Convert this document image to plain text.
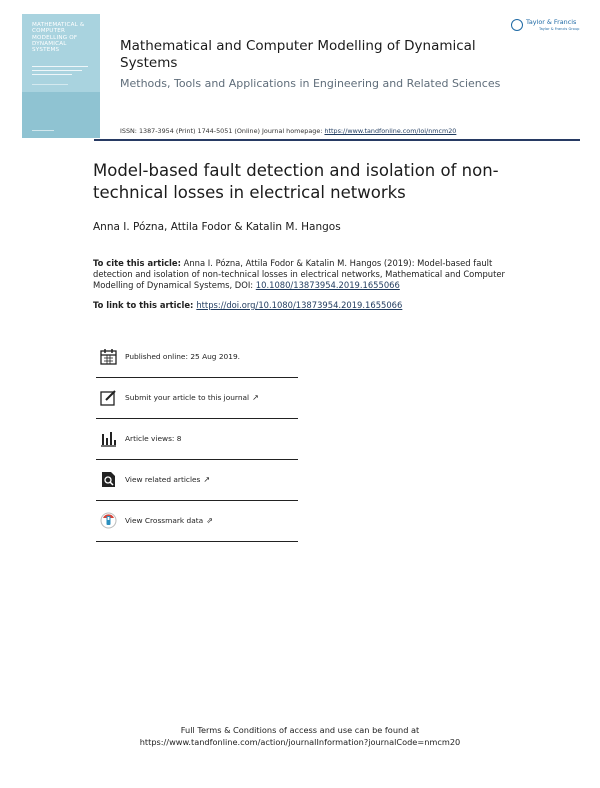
MATHEMATICAL &
COMPUTER
MODELLING OF
DYNAMICAL
SYSTEMS	Mathematical and Computer Modelling of Dynamical Systems
Methods, Tools and Applications in Engineering and Related Sciences
ISSN: 1387-3954 (Print) 1744-5051 (Online) Journal homepage: https://www.tandfonline.com/loi/nmcm20
Taylor & Francis
Taylor & Francis Group
Model-based fault detection and isolation of non-technical losses in electrical networks
Anna I. Pózna, Attila Fodor & Katalin M. Hangos
To cite this article: Anna I. Pózna, Attila Fodor & Katalin M. Hangos (2019): Model-based fault detection and isolation of non-technical losses in electrical networks, Mathematical and Computer Modelling of Dynamical Systems, DOI: 10.1080/13873954.2019.1655066
To link to this article: https://doi.org/10.1080/13873954.2019.1655066
Published online: 25 Aug 2019.
Submit your article to this journal ↗
Article views: 8
View related articles ↗
View Crossmark data ⇗
Full Terms & Conditions of access and use can be found at
https://www.tandfonline.com/action/journalInformation?journalCode=nmcm20
